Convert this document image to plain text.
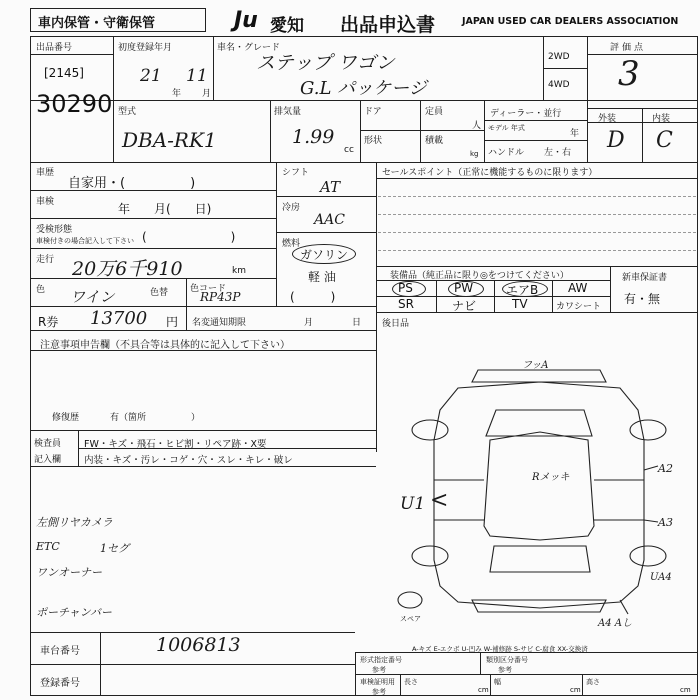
車内保管・守衛保管	Ju 愛知 出品申込書	JAPAN USED CAR DEALERS ASSOCIATION
出品番号
[2145]
30290
初度登録年月
21
年
11
月
車名・グレード
ステップ ワゴン
G.L パッケージ
2WD
4WD
評価点
3
外装	内装
D C
型式
DBA-RK1
排気量
1.99
cc
ドア	定員
人
形状	積載
kg
ディーラー・並行
モデル 年式
年
ハンドル 左・右
車歴
自家用・(　　　　　)
車検	年　　月(　　日)
受検形態
車検付きの場合記入して下さい (　　　　　　　)
走行 20万6千910	km
色 ワイン	色替 色コード
RP43P
シフト
AT
冷房
AAC
燃料
ガソリン
軽 油
(　　　)
セールスポイント（正常に機能するものに限ります）
装備品（純正品に限り◎をつけてください）
PS	PW	エアB AW
SR	ナビ	TV	カワシート
新車保証書
有・無
R券 13700 円 名変通知期限	月	日 後日品
注意事項申告欄（不具合等は具体的に記入して下さい）
修復歴	有（箇所　　　　　）
検査員
記入欄
FW・キズ・飛石・ヒビ割・リペア跡・X要
内装・キズ・汚レ・コゲ・穴・スレ・キレ・破レ
左側リヤカメラ
ETC
ワンオーナー
1セグ
ポーチャンバー
U1 <
フッA
Rメッキ
A2
A3
UA4
A4 Aし
スペア
A-キズ E-エクボ U-凹み W-補修跡 S-サビ C-腐食 XX-交換済
車台番号	1006813
登録番号
形式指定番号
参考
類別区分番号
参考
車検証明用
参考
長さ
cm
幅
cm
高さ
cm
